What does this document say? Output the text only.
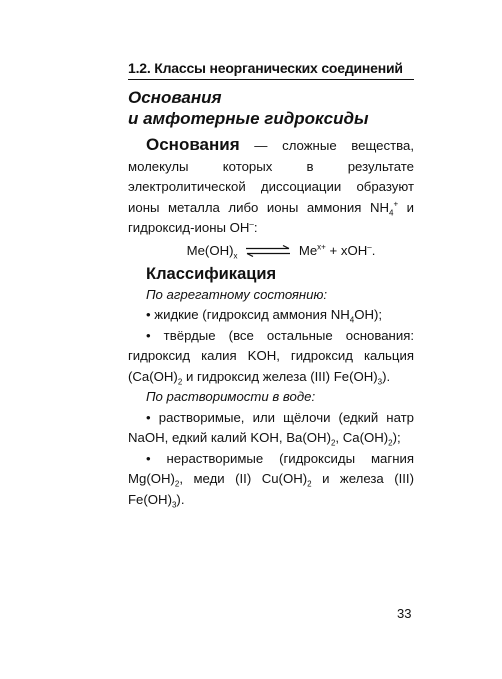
1.2. Классы неорганических соединений
Основания
и амфотерные гидроксиды

Основания — сложные вещества, молекулы которых в результате электролитической диссоциации образуют ионы металла либо ионы аммония $NH_4^+$ и гидроксид-ионы OH–:

$Me(OH)_x$ ⇌ $Me^{x+} + xOH^-$.
Классификация
По агрегатному состоянию:

• жидкие (гидроксид аммония $NH_4OH$);

• твёрдые (все остальные основания: гидроксид калия KOH, гидроксид кальция ($Ca(OH)_2$ и гидроксид железа (III) $Fe(OH)_3$).

По растворимости в воде:

• растворимые, или щёлочи (едкий натр NaOH, едкий калий KOH, $Ba(OH)_2$, $Ca(OH)_2$);

• нерастворимые (гидроксиды магния $Mg(OH)_2$, меди (II) $Cu(OH)_2$ и железа (III) $Fe(OH)_3$).

33
